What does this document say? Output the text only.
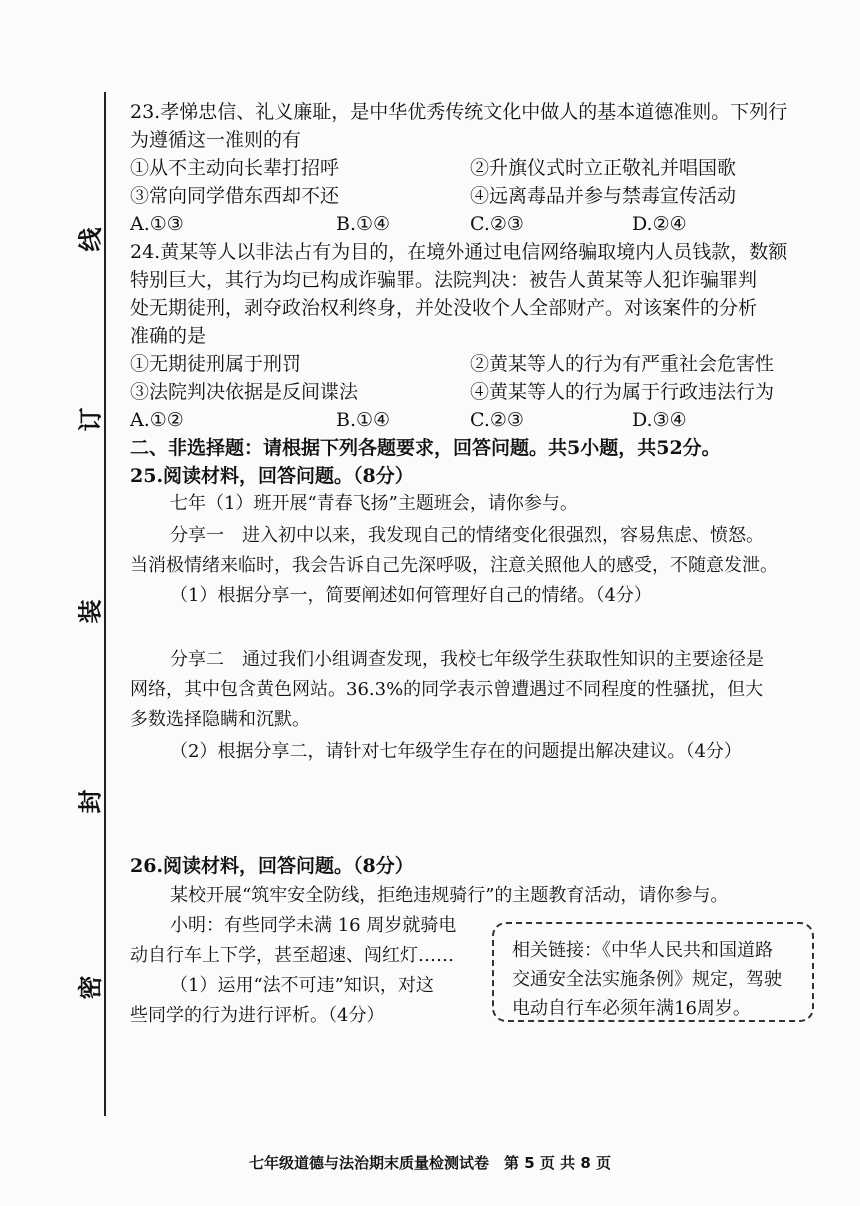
线
订
装
封
密
23.孝悌忠信、礼义廉耻，是中华优秀传统文化中做人的基本道德准则。下列行
为遵循这一准则的有
①从不主动向长辈打招呼	②升旗仪式时立正敬礼并唱国歌
③常向同学借东西却不还	④远离毒品并参与禁毒宣传活动
A.①③	B.①④	C.②③	D.②④
24.黄某等人以非法占有为目的，在境外通过电信网络骗取境内人员钱款，数额
特别巨大，其行为均已构成诈骗罪。法院判决：被告人黄某等人犯诈骗罪判
处无期徒刑，剥夺政治权利终身，并处没收个人全部财产。对该案件的分析
准确的是
①无期徒刑属于刑罚	②黄某等人的行为有严重社会危害性
③法院判决依据是反间谍法	④黄某等人的行为属于行政违法行为
A.①②	B.①④	C.②③	D.③④
二、非选择题：请根据下列各题要求，回答问题。共5小题，共52分。
25.阅读材料，回答问题。（8分）
七年（1）班开展“青春飞扬”主题班会，请你参与。
分享一　进入初中以来，我发现自己的情绪变化很强烈，容易焦虑、愤怒。
当消极情绪来临时，我会告诉自己先深呼吸，注意关照他人的感受，不随意发泄。
（1）根据分享一，简要阐述如何管理好自己的情绪。（4分）
分享二　通过我们小组调查发现，我校七年级学生获取性知识的主要途径是
网络，其中包含黄色网站。36.3%的同学表示曾遭遇过不同程度的性骚扰，但大
多数选择隐瞒和沉默。
（2）根据分享二，请针对七年级学生存在的问题提出解决建议。（4分）
26.阅读材料，回答问题。（8分）
某校开展“筑牢安全防线，拒绝违规骑行”的主题教育活动，请你参与。
小明：有些同学未满 16 周岁就骑电
动自行车上下学，甚至超速、闯红灯……
（1）运用“法不可违”知识，对这
些同学的行为进行评析。（4分）
相关链接：《中华人民共和国道路
交通安全法实施条例》规定，驾驶
电动自行车必须年满16周岁。
七年级道德与法治期末质量检测试卷　第 5 页 共 8 页
